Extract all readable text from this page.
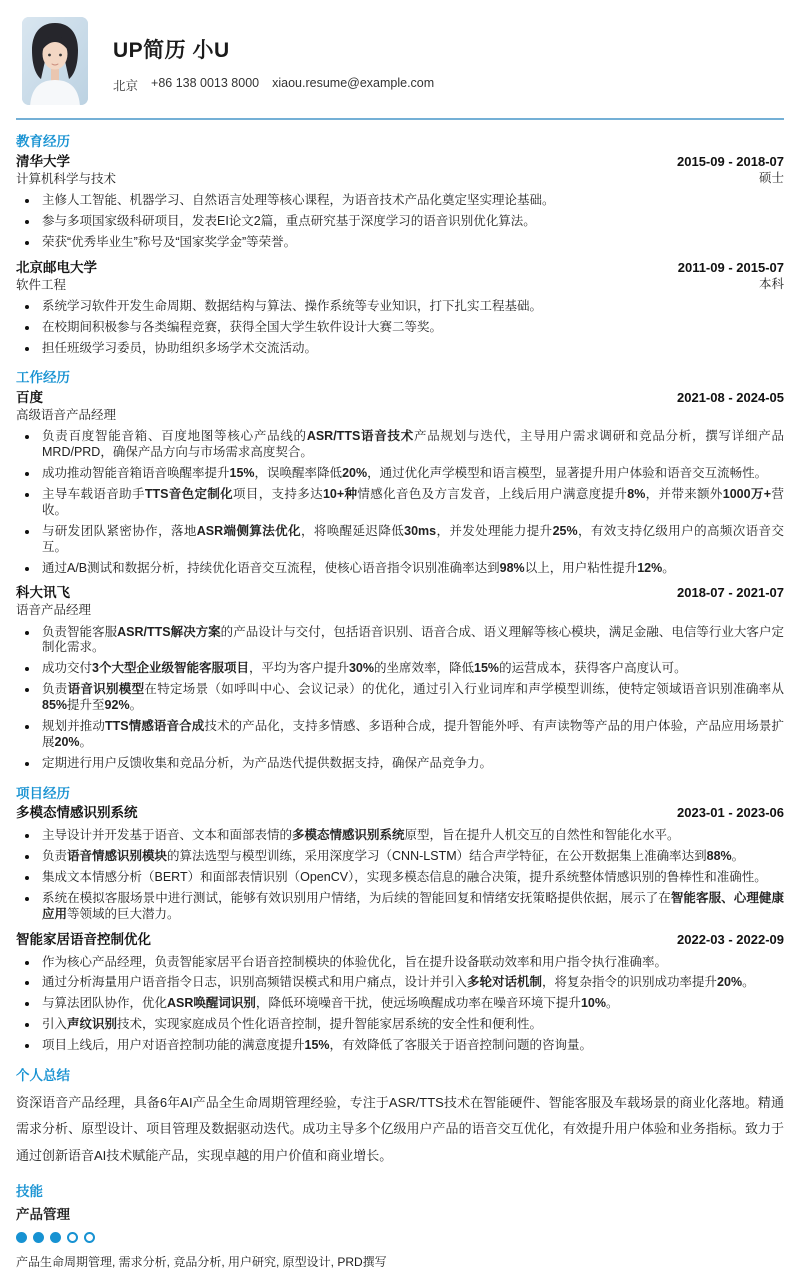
UP简历 小U
北京 +86 138 0013 8000 xiaou.resume@example.com
教育经历
清华大学
计算机科学与技术
2015-09 - 2018-07
硕士
主修人工智能、机器学习、自然语言处理等核心课程，为语音技术产品化奠定坚实理论基础。
参与多项国家级科研项目，发表EI论文2篇，重点研究基于深度学习的语音识别优化算法。
荣获“优秀毕业生”称号及“国家奖学金”等荣誉。
北京邮电大学
软件工程
2011-09 - 2015-07
本科
系统学习软件开发生命周期、数据结构与算法、操作系统等专业知识，打下扎实工程基础。
在校期间积极参与各类编程竞赛，获得全国大学生软件设计大赛二等奖。
担任班级学习委员，协助组织多场学术交流活动。
工作经历
百度
高级语音产品经理
2021-08 - 2024-05
负责百度智能音箱、百度地图等核心产品线的ASR/TTS语音技术产品规划与迭代，主导用户需求调研和竞品分析，撰写详细产品MRD/PRD，确保产品方向与市场需求高度契合。
成功推动智能音箱语音唤醒率提升15%，误唤醒率降低20%，通过优化声学模型和语言模型，显著提升用户体验和语音交互流畅性。
主导车载语音助手TTS音色定制化项目，支持多达10+种情感化音色及方言发音，上线后用户满意度提升8%，并带来额外1000万+营收。
与研发团队紧密协作，落地ASR端侧算法优化，将唤醒延迟降低30ms，并发处理能力提升25%，有效支持亿级用户的高频次语音交互。
通过A/B测试和数据分析，持续优化语音交互流程，使核心语音指令识别准确率达到98%以上，用户粘性提升12%。
科大讯飞
语音产品经理
2018-07 - 2021-07
负责智能客服ASR/TTS解决方案的产品设计与交付，包括语音识别、语音合成、语义理解等核心模块，满足金融、电信等行业大客户定制化需求。
成功交付3个大型企业级智能客服项目，平均为客户提升30%的坐席效率，降低15%的运营成本，获得客户高度认可。
负责语音识别模型在特定场景（如呼叫中心、会议记录）的优化，通过引入行业词库和声学模型训练，使特定领域语音识别准确率从85%提升至92%。
规划并推动TTS情感语音合成技术的产品化，支持多情感、多语种合成，提升智能外呼、有声读物等产品的用户体验，产品应用场景扩展20%。
定期进行用户反馈收集和竞品分析，为产品迭代提供数据支持，确保产品竞争力。
项目经历
多模态情感识别系统	2023-01 - 2023-06
主导设计并开发基于语音、文本和面部表情的多模态情感识别系统原型，旨在提升人机交互的自然性和智能化水平。
负责语音情感识别模块的算法选型与模型训练，采用深度学习（CNN-LSTM）结合声学特征，在公开数据集上准确率达到88%。
集成文本情感分析（BERT）和面部表情识别（OpenCV），实现多模态信息的融合决策，提升系统整体情感识别的鲁棒性和准确性。
系统在模拟客服场景中进行测试，能够有效识别用户情绪，为后续的智能回复和情绪安抚策略提供依据，展示了在智能客服、心理健康应用等领域的巨大潜力。
智能家居语音控制优化	2022-03 - 2022-09
作为核心产品经理，负责智能家居平台语音控制模块的体验优化，旨在提升设备联动效率和用户指令执行准确率。
通过分析海量用户语音指令日志，识别高频错误模式和用户痛点，设计并引入多轮对话机制，将复杂指令的识别成功率提升20%。
与算法团队协作，优化ASR唤醒词识别，降低环境噪音干扰，使远场唤醒成功率在噪音环境下提升10%。
引入声纹识别技术，实现家庭成员个性化语音控制，提升智能家居系统的安全性和便利性。
项目上线后，用户对语音控制功能的满意度提升15%，有效降低了客服关于语音控制问题的咨询量。
个人总结

资深语音产品经理，具备6年AI产品全生命周期管理经验，专注于ASR/TTS技术在智能硬件、智能客服及车载场景的商业化落地。精通需求分析、原型设计、项目管理及数据驱动迭代。成功主导多个亿级用户产品的语音交互优化，有效提升用户体验和业务指标。致力于通过创新语音AI技术赋能产品，实现卓越的用户价值和商业增长。

技能
产品管理
产品生命周期管理, 需求分析, 竞品分析, 用户研究, 原型设计, PRD撰写
